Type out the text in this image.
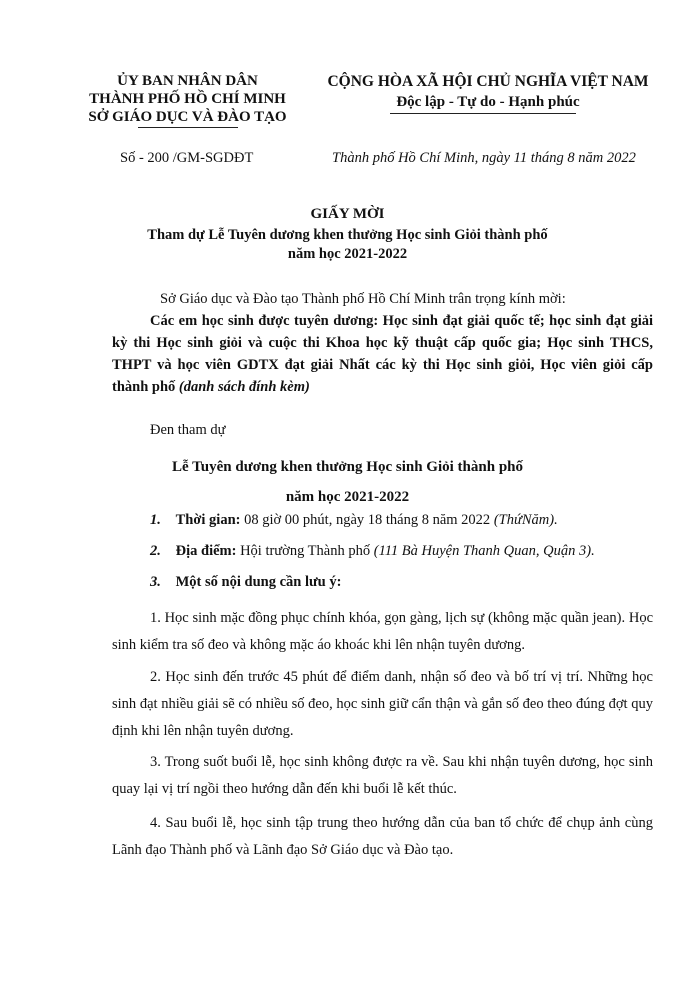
ỦY BAN NHÂN DÂN
THÀNH PHỐ HỒ CHÍ MINH
SỞ GIÁO DỤC VÀ ĐÀO TẠO
CỘNG HÒA XÃ HỘI CHỦ NGHĨA VIỆT NAM
Độc lập - Tự do - Hạnh phúc
Số - 200 /GM-SGDĐT	Thành phố Hồ Chí Minh, ngày 11 tháng 8 năm 2022
GIẤY MỜI
Tham dự Lễ Tuyên dương khen thưởng Học sinh Giỏi thành phố
năm học 2021-2022
Sở Giáo dục và Đào tạo Thành phố Hồ Chí Minh trân trọng kính mời:
Các em học sinh được tuyên dương: Học sinh đạt giải quốc tế; học sinh đạt giải kỳ thi Học sinh giỏi và cuộc thi Khoa học kỹ thuật cấp quốc gia; Học sinh THCS, THPT và học viên GDTX đạt giải Nhất các kỳ thi Học sinh giỏi, Học viên giỏi cấp thành phố (danh sách đính kèm)
Đen tham dự
Lễ Tuyên dương khen thưởng Học sinh Giỏi thành phố
năm học 2021-2022
1. Thời gian: 08 giờ 00 phút, ngày 18 tháng 8 năm 2022 (ThứNăm).
2. Địa điểm: Hội trường Thành phố (111 Bà Huyện Thanh Quan, Quận 3).
3. Một số nội dung cần lưu ý:
1. Học sinh mặc đồng phục chính khóa, gọn gàng, lịch sự (không mặc quần jean). Học sinh kiểm tra số đeo và không mặc áo khoác khi lên nhận tuyên dương.
2. Học sinh đến trước 45 phút để điểm danh, nhận số đeo và bố trí vị trí. Những học sinh đạt nhiều giải sẽ có nhiều số đeo, học sinh giữ cẩn thận và gắn số đeo theo đúng đợt quy định khi lên nhận tuyên dương.
3. Trong suốt buổi lễ, học sinh không được ra về. Sau khi nhận tuyên dương, học sinh quay lại vị trí ngồi theo hướng dẫn đến khi buổi lễ kết thúc.
4. Sau buổi lễ, học sinh tập trung theo hướng dẫn của ban tổ chức để chụp ảnh cùng Lãnh đạo Thành phố và Lãnh đạo Sở Giáo dục và Đào tạo.
